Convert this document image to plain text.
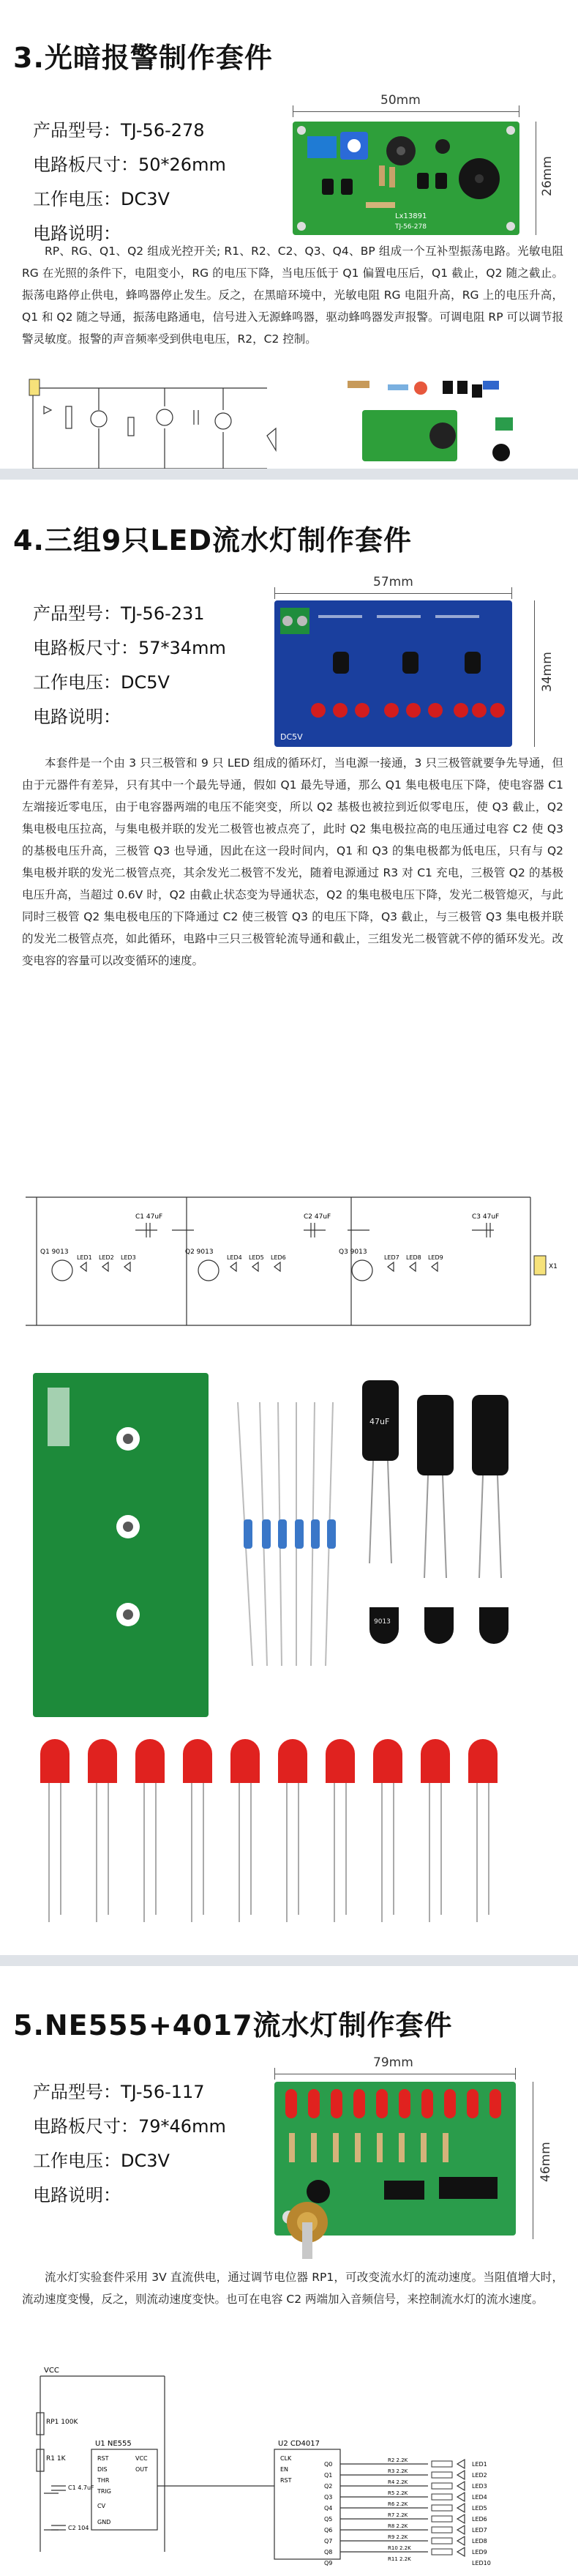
3.光暗报警制作套件
产品型号：TJ-56-278
电路板尺寸：50*26mm
工作电压：DC3V
电路说明：
50mm
26mm
Lx13891
TJ-56-278
RP、RG、Q1、Q2 组成光控开关; R1、R2、C2、Q3、Q4、BP 组成一个互补型振荡电路。光敏电阻 RG 在光照的条件下，电阻变小，RG 的电压下降，当电压低于 Q1 偏置电压后，Q1 截止，Q2 随之截止。振荡电路停止供电，蜂鸣器停止发生。反之，在黑暗环境中，光敏电阻 RG 电阻升高，RG 上的电压升高，Q1 和 Q2 随之导通，振荡电路通电，信号进入无源蜂鸣器，驱动蜂鸣器发声报警。可调电阻 RP 可以调节报警灵敏度。报警的声音频率受到供电电压，R2，C2 控制。
4.三组9只LED流水灯制作套件
产品型号：TJ-56-231
电路板尺寸：57*34mm
工作电压：DC5V
电路说明：
57mm
34mm
DC5V
本套件是一个由 3 只三极管和 9 只 LED 组成的循环灯，当电源一接通，3 只三极管就要争先导通，但由于元器件有差异，只有其中一个最先导通，假如 Q1 最先导通，那么 Q1 集电极电压下降，使电容器 C1 左端接近零电压，由于电容器两端的电压不能突变，所以 Q2 基极也被拉到近似零电压，使 Q3 截止，Q2 集电极电压拉高，与集电极并联的发光二极管也被点亮了，此时 Q2 集电极拉高的电压通过电容 C2 使 Q3 的基极电压升高，三极管 Q3 也导通，因此在这一段时间内，Q1 和 Q3 的集电极都为低电压，只有与 Q2 集电极并联的发光二极管点亮，其余发光二极管不发光，随着电源通过 R3 对 C1 充电，三极管 Q2 的基极电压升高，当超过 0.6V 时，Q2 由截止状态变为导通状态，Q2 的集电极电压下降，发光二极管熄灭，与此同时三极管 Q2 集电极电压的下降通过 C2 使三极管 Q3 的电压下降，Q3 截止，与三极管 Q3 集电极并联的发光二极管点亮，如此循环，电路中三只三极管轮流导通和截止，三组发光二极管就不停的循环发光。改变电容的容量可以改变循环的速度。
C1 47uF	C2 47uF	C3 47uF
Q1 9013	Q2 9013	Q3 9013
LED1 LED2 LED3	LED4 LED5 LED6	LED7 LED8 LED9
X1
47uF
9013
5.NE555+4017流水灯制作套件
产品型号：TJ-56-117
电路板尺寸：79*46mm
工作电压：DC3V
电路说明：
79mm
46mm
流水灯实验套件采用 3V 直流供电，通过调节电位器 RP1，可改变流水灯的流动速度。当阻值增大时，流动速度变慢，反之，则流动速度变快。也可在电容 C2 两端加入音频信号，来控制流水灯的流水速度。
VCC
RP1 100K
R1 1K
U1 NE555	U2 CD4017
C1 4.7uF
C2 104
RST
DIS
THR
TRIG
OUT
GND
CV
VCC	CLK
EN
RST
Q0
Q1
Q2
Q3
Q4
Q5
Q6
Q7
Q8
Q9
R2 2.2K
R3 2.2K
R4 2.2K
R5 2.2K
R6 2.2K
R7 2.2K
R8 2.2K
R9 2.2K
R10 2.2K
R11 2.2K
LED1
LED2
LED3
LED4
LED5
LED6
LED7
LED8
LED9
LED10
